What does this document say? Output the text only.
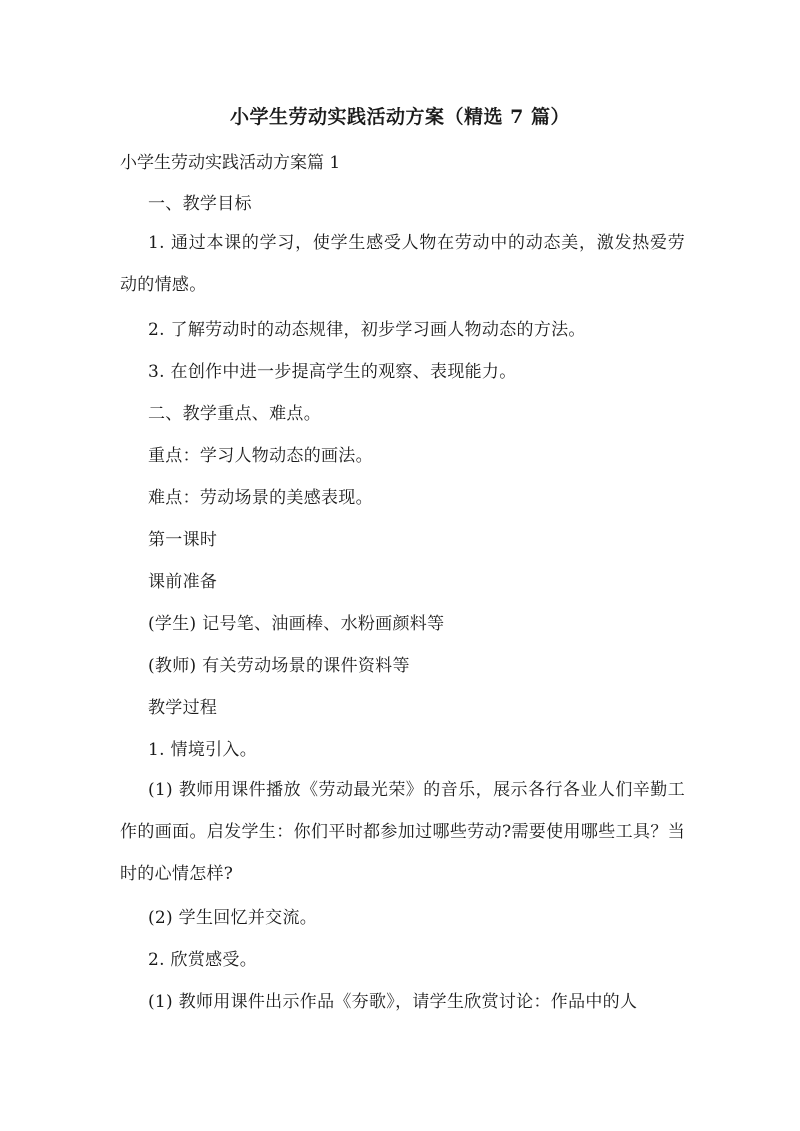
小学生劳动实践活动方案（精选 7 篇）
小学生劳动实践活动方案篇 1
一、教学目标
1. 通过本课的学习，使学生感受人物在劳动中的动态美，激发热爱劳动的情感。
2. 了解劳动时的动态规律，初步学习画人物动态的方法。
3. 在创作中进一步提高学生的观察、表现能力。
二、教学重点、难点。
重点：学习人物动态的画法。
难点：劳动场景的美感表现。
第一课时
课前准备
(学生) 记号笔、油画棒、水粉画颜料等
(教师) 有关劳动场景的课件资料等
教学过程
1. 情境引入。
(1) 教师用课件播放《劳动最光荣》的音乐，展示各行各业人们辛勤工作的画面。启发学生：你们平时都参加过哪些劳动?需要使用哪些工具？当时的心情怎样?
(2) 学生回忆并交流。
2. 欣赏感受。
(1) 教师用课件出示作品《夯歌》，请学生欣赏讨论：作品中的人
